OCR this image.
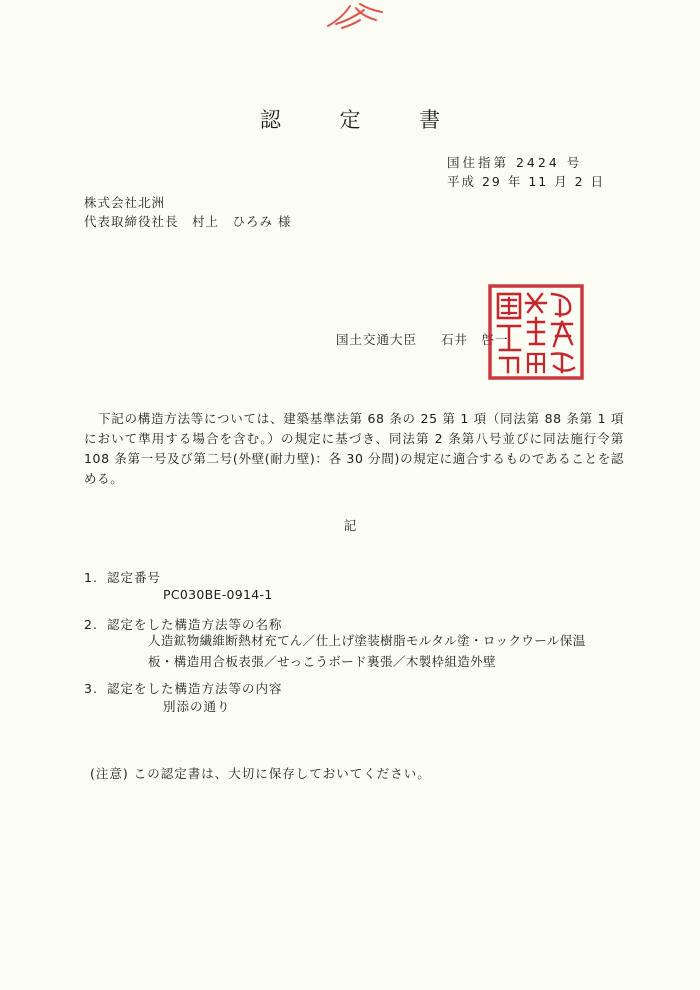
認 定 書
国住指第 2424 号
平成 29 年 11 月 2 日
株式会社北洲
代表取締役社長　村上　ひろみ 様
国土交通大臣 石井　啓一
下記の構造方法等については、建築基準法第 68 条の 25 第 1 項（同法第 88 条第 1 項において準用する場合を含む。）の規定に基づき、同法第 2 条第八号並びに同法施行令第 108 条第一号及び第二号(外壁(耐力壁)：各 30 分間)の規定に適合するものであることを認める。
記
1. 認定番号
PC030BE-0914-1
2. 認定をした構造方法等の名称
人造鉱物繊維断熱材充てん／仕上げ塗装樹脂モルタル塗・ロックウール保温板・構造用合板表張／せっこうボード裏張／木製枠組造外壁
3. 認定をした構造方法等の内容
別添の通り
(注意) この認定書は、大切に保存しておいてください。
